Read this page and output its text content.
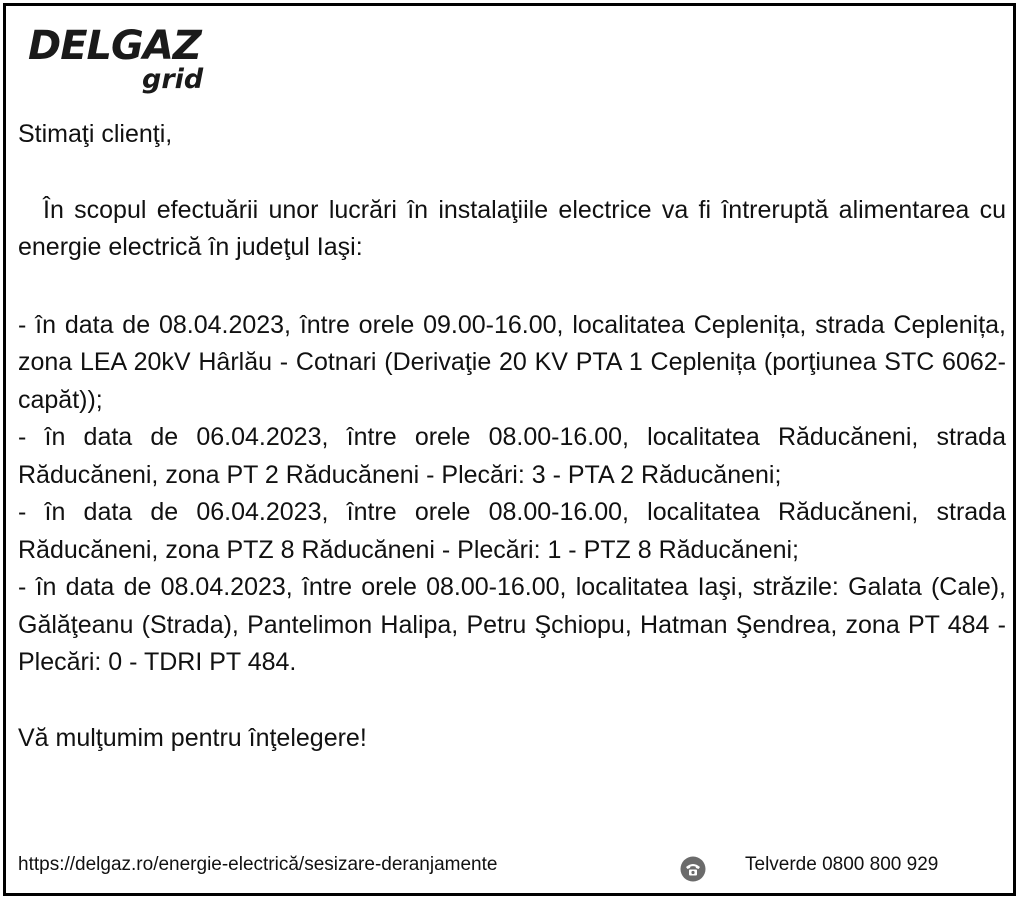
DELGAZ
grid

Stimaţi clienţi,

În scopul efectuării unor lucrări în instalaţiile electrice va fi întreruptă alimentarea cu energie electrică în judeţul Iaşi:

- în data de 08.04.2023, între orele 09.00-16.00, localitatea Ceplenița, strada Ceplenița, zona LEA 20kV Hârlău - Cotnari (Derivaţie 20 KV PTA 1 Ceplenița (porţiunea STC 6062-capăt));

- în data de 06.04.2023, între orele 08.00-16.00, localitatea Răducăneni, strada Răducăneni, zona PT 2 Răducăneni - Plecări: 3 - PTA 2 Răducăneni;

- în data de 06.04.2023, între orele 08.00-16.00, localitatea Răducăneni, strada Răducăneni, zona PTZ 8 Răducăneni - Plecări: 1 - PTZ 8 Răducăneni;

- în data de 08.04.2023, între orele 08.00-16.00, localitatea Iaşi, străzile: Galata (Cale), Gălăţeanu (Strada), Pantelimon Halipa, Petru Şchiopu, Hatman Şendrea, zona PT 484 - Plecări: 0 - TDRI PT 484.

Vă mulţumim pentru înţelegere!

https://delgaz.ro/energie-electrică/sesizare-deranjamente	Telverde 0800 800 929
